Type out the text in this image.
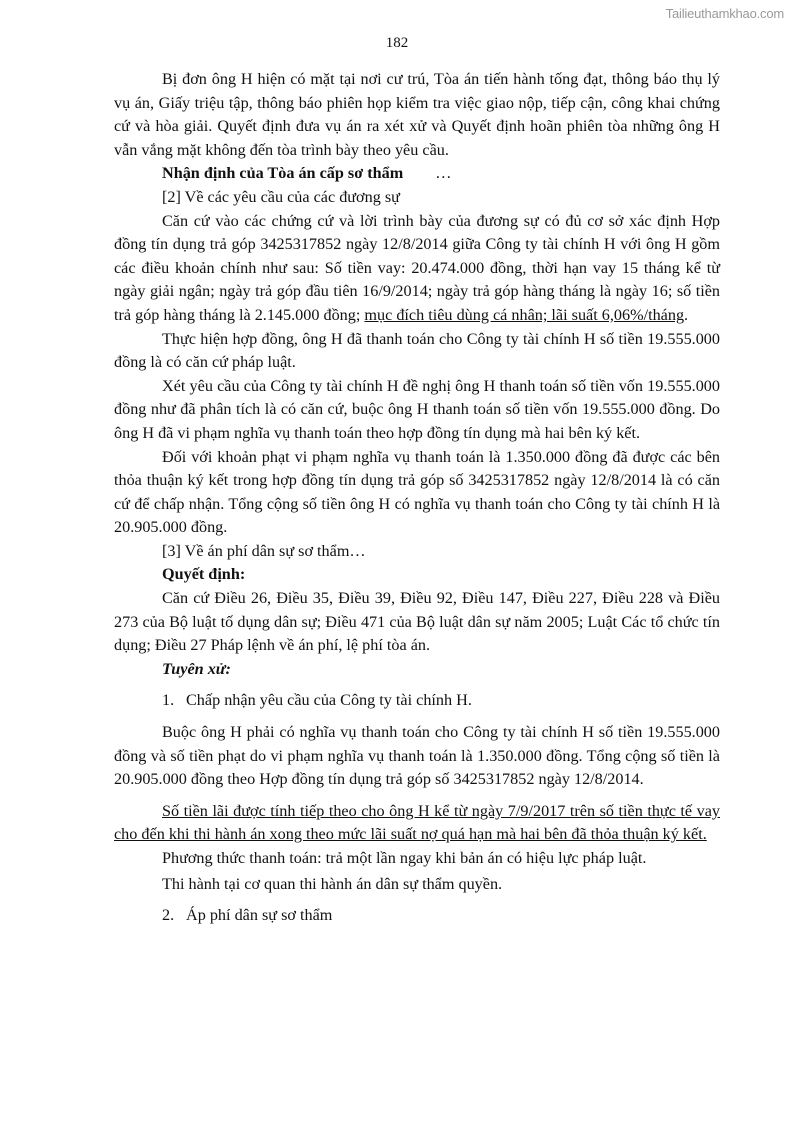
Tailieuthamkhao.com
182

Bị đơn ông H hiện có mặt tại nơi cư trú, Tòa án tiến hành tống đạt, thông báo thụ lý vụ án, Giấy triệu tập, thông báo phiên họp kiểm tra việc giao nộp, tiếp cận, công khai chứng cứ và hòa giải. Quyết định đưa vụ án ra xét xử và Quyết định hoãn phiên tòa những ông H vẫn vắng mặt không đến tòa trình bày theo yêu cầu.

Nhận định của Tòa án cấp sơ thẩm …

[2] Về các yêu cầu của các đương sự

Căn cứ vào các chứng cứ và lời trình bày của đương sự có đủ cơ sở xác định Hợp đồng tín dụng trả góp 3425317852 ngày 12/8/2014 giữa Công ty tài chính H với ông H gồm các điều khoản chính như sau: Số tiền vay: 20.474.000 đồng, thời hạn vay 15 tháng kể từ ngày giải ngân; ngày trả góp đầu tiên 16/9/2014; ngày trả góp hàng tháng là ngày 16; số tiền trả góp hàng tháng là 2.145.000 đồng; mục đích tiêu dùng cá nhân; lãi suất 6,06%/tháng.

Thực hiện hợp đồng, ông H đã thanh toán cho Công ty tài chính H số tiền 19.555.000 đồng là có căn cứ pháp luật.

Xét yêu cầu của Công ty tài chính H đề nghị ông H thanh toán số tiền vốn 19.555.000 đồng như đã phân tích là có căn cứ, buộc ông H thanh toán số tiền vốn 19.555.000 đồng. Do ông H đã vi phạm nghĩa vụ thanh toán theo hợp đồng tín dụng mà hai bên ký kết.

Đối với khoản phạt vi phạm nghĩa vụ thanh toán là 1.350.000 đồng đã được các bên thỏa thuận ký kết trong hợp đồng tín dụng trả góp số 3425317852 ngày 12/8/2014 là có căn cứ để chấp nhận. Tổng cộng số tiền ông H có nghĩa vụ thanh toán cho Công ty tài chính H là 20.905.000 đồng.

[3] Về án phí dân sự sơ thẩm…

Quyết định:

Căn cứ Điều 26, Điều 35, Điều 39, Điều 92, Điều 147, Điều 227, Điều 228 và Điều 273 của Bộ luật tố dụng dân sự; Điều 471 của Bộ luật dân sự năm 2005; Luật Các tổ chức tín dụng; Điều 27 Pháp lệnh về án phí, lệ phí tòa án.

Tuyên xử:

1. Chấp nhận yêu cầu của Công ty tài chính H.

Buộc ông H phải có nghĩa vụ thanh toán cho Công ty tài chính H số tiền 19.555.000 đồng và số tiền phạt do vi phạm nghĩa vụ thanh toán là 1.350.000 đồng. Tổng cộng số tiền là 20.905.000 đồng theo Hợp đồng tín dụng trả góp số 3425317852 ngày 12/8/2014.

Số tiền lãi được tính tiếp theo cho ông H kể từ ngày 7/9/2017 trên số tiền thực tế vay cho đến khi thi hành án xong theo mức lãi suất nợ quá hạn mà hai bên đã thỏa thuận ký kết.

Phương thức thanh toán: trả một lần ngay khi bản án có hiệu lực pháp luật.

Thi hành tại cơ quan thi hành án dân sự thẩm quyền.

2. Áp phí dân sự sơ thẩm
